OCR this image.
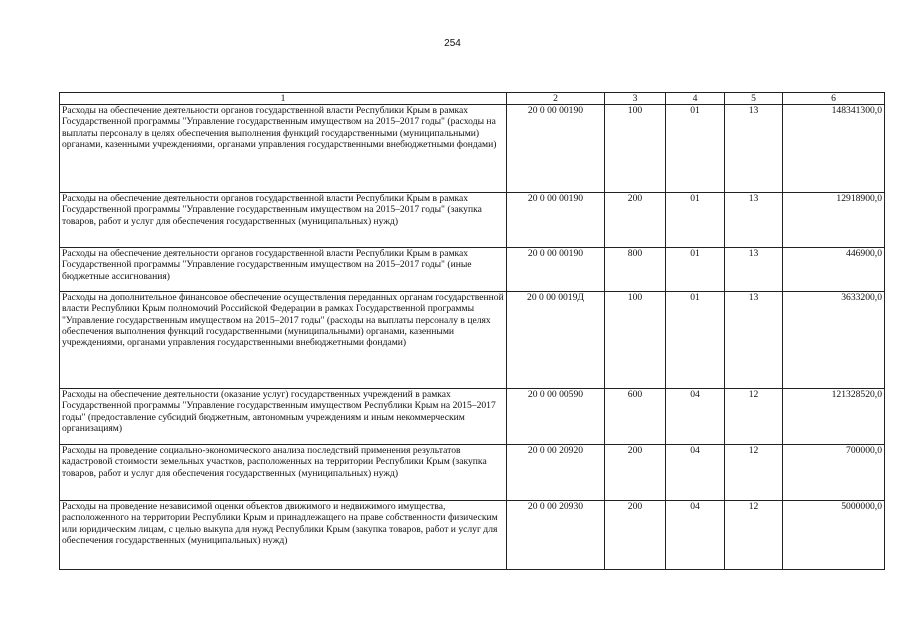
254
1	2	3	4	5	6
Расходы на обеспечение деятельности органов государственной власти Республики Крым в рамках Государственной программы "Управление государственным имуществом на 2015–2017 годы" (расходы на выплаты персоналу в целях обеспечения выполнения функций государственными (муниципальными) органами, казенными учреждениями, органами управления государственными внебюджетными фондами)	20 0 00 00190	100	01	13	148341300,0
Расходы на обеспечение деятельности органов государственной власти Республики Крым в рамках Государственной программы "Управление государственным имуществом на 2015–2017 годы" (закупка товаров, работ и услуг для обеспечения государственных (муниципальных) нужд)	20 0 00 00190	200	01	13	12918900,0
Расходы на обеспечение деятельности органов государственной власти Республики Крым в рамках Государственной программы "Управление государственным имуществом на 2015–2017 годы" (иные бюджетные ассигнования)	20 0 00 00190	800	01	13	446900,0
Расходы на дополнительное финансовое обеспечение осуществления переданных органам государственной власти Республики Крым полномочий Российской Федерации в рамках Государственной программы "Управление государственным имуществом на 2015–2017 годы" (расходы на выплаты персоналу в целях обеспечения выполнения функций государственными (муниципальными) органами, казенными учреждениями, органами управления государственными внебюджетными фондами)	20 0 00 0019Д	100	01	13	3633200,0
Расходы на обеспечение деятельности (оказание услуг) государственных учреждений в рамках Государственной программы "Управление государственным имуществом Республики Крым на 2015–2017 годы" (предоставление субсидий бюджетным, автономным учреждениям и иным некоммерческим организациям)	20 0 00 00590	600	04	12	121328520,0
Расходы на проведение социально-экономического анализа последствий применения результатов кадастровой стоимости земельных участков, расположенных на территории Республики Крым (закупка товаров, работ и услуг для обеспечения государственных (муниципальных) нужд)	20 0 00 20920	200	04	12	700000,0
Расходы на проведение независимой оценки объектов движимого и недвижимого имущества, расположенного на территории Республики Крым и принадлежащего на праве собственности физическим или юридическим лицам, с целью выкупа для нужд Республики Крым (закупка товаров, работ и услуг для обеспечения государственных (муниципальных) нужд)	20 0 00 20930	200	04	12	5000000,0
